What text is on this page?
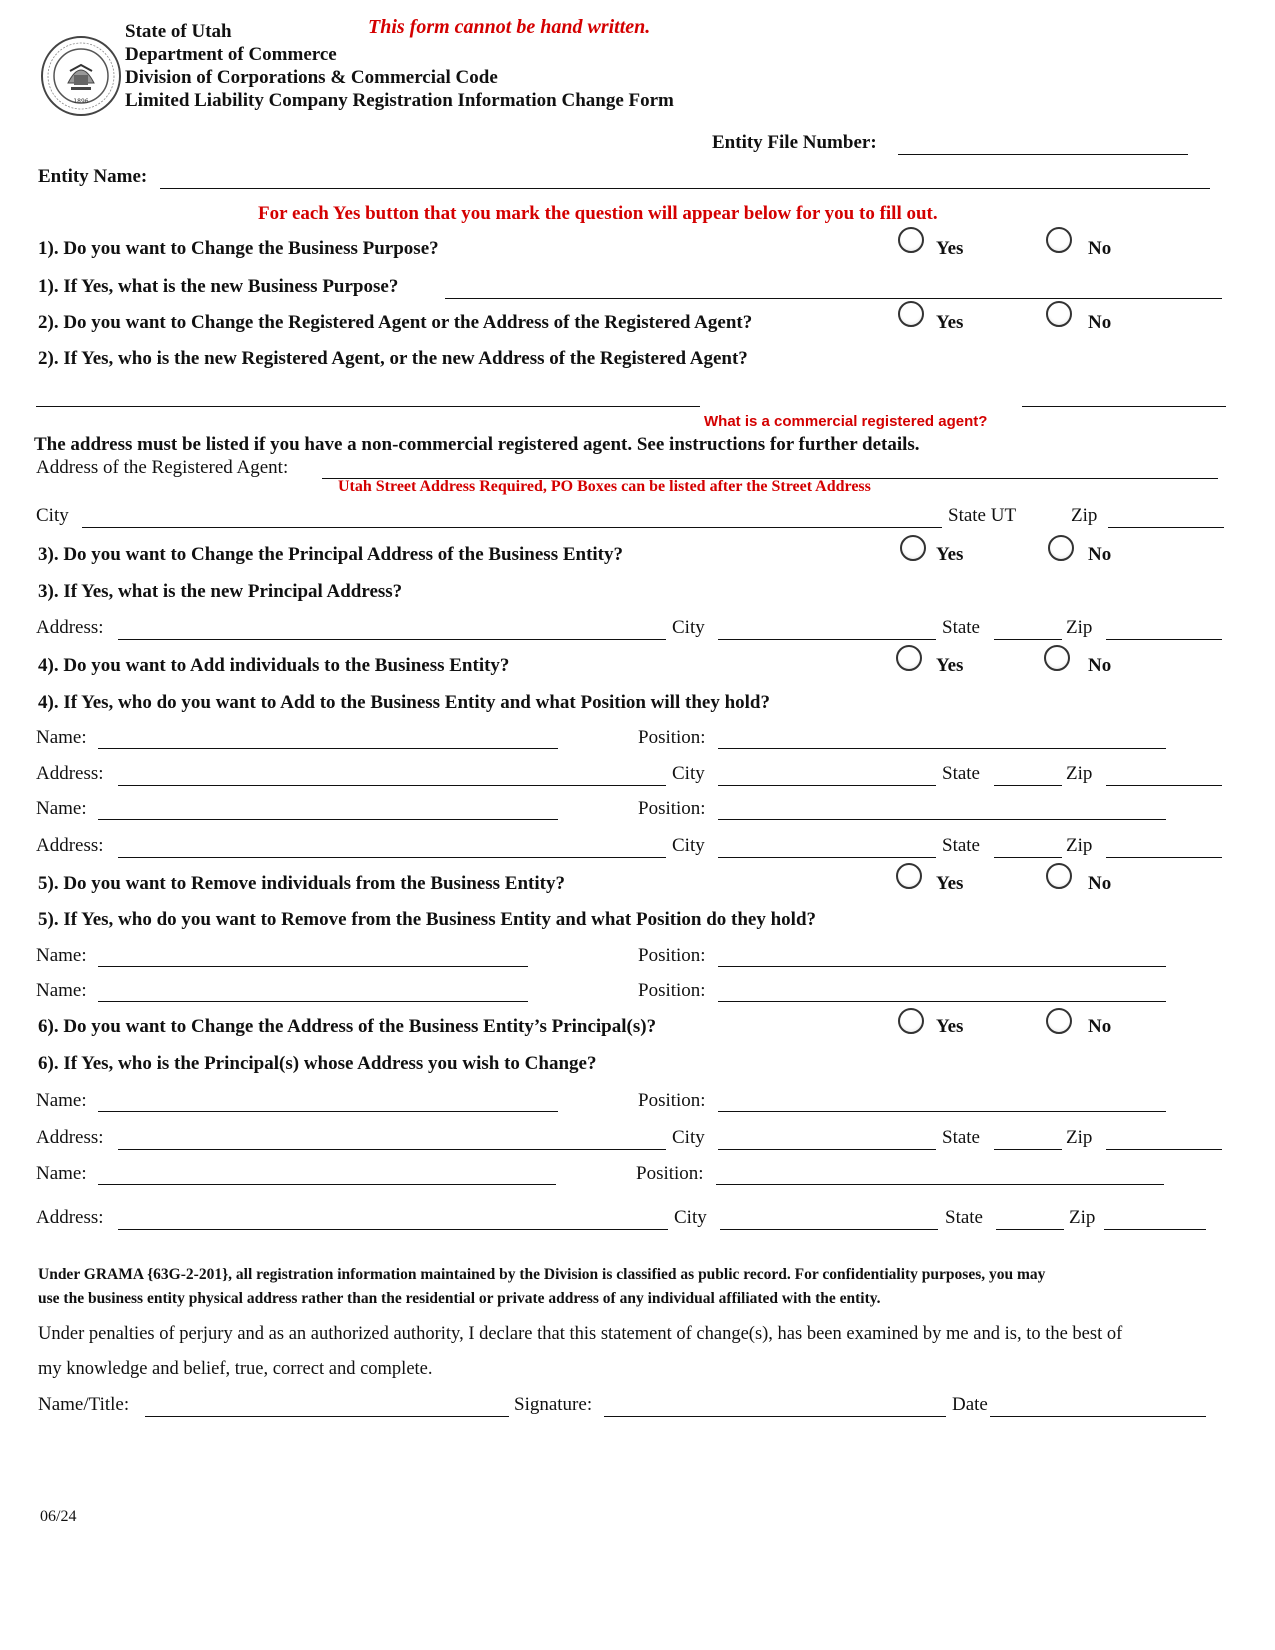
1896
State of Utah
Department of Commerce
Division of Corporations & Commercial Code
Limited Liability Company Registration Information Change Form
This form cannot be hand written.
Entity File Number:
Entity Name:
For each Yes button that you mark the question will appear below for you to fill out.
1). Do you want to Change the Business Purpose?	Yes	No
1). If Yes, what is the new Business Purpose?
2). Do you want to Change the Registered Agent or the Address of the Registered Agent?	Yes	No
2). If Yes, who is the new Registered Agent, or the new Address of the Registered Agent?
What is a commercial registered agent?
The address must be listed if you have a non-commercial registered agent. See instructions for further details.
Address of the Registered Agent:
Utah Street Address Required, PO Boxes can be listed after the Street Address
City	State UT	Zip
3). Do you want to Change the Principal Address of the Business Entity?	Yes	No
3). If Yes, what is the new Principal Address?
Address:	City	State	Zip
4). Do you want to Add individuals to the Business Entity?	Yes	No
4). If Yes, who do you want to Add to the Business Entity and what Position will they hold?
Name:	Position:
Address:	City	State	Zip
Name:	Position:
Address:	City	State	Zip
5). Do you want to Remove individuals from the Business Entity?	Yes	No
5). If Yes, who do you want to Remove from the Business Entity and what Position do they hold?
Name:	Position:
Name:	Position:
6). Do you want to Change the Address of the Business Entity’s Principal(s)?	Yes	No
6). If Yes, who is the Principal(s) whose Address you wish to Change?
Name:	Position:
Address:	City	State	Zip
Name:	Position:
Address:	City	State	Zip
Under GRAMA {63G-2-201}, all registration information maintained by the Division is classified as public record. For confidentiality purposes, you may
use the business entity physical address rather than the residential or private address of any individual affiliated with the entity.
Under penalties of perjury and as an authorized authority, I declare that this statement of change(s), has been examined by me and is, to the best of
my knowledge and belief, true, correct and complete.
Name/Title:	Signature:	Date
06/24
